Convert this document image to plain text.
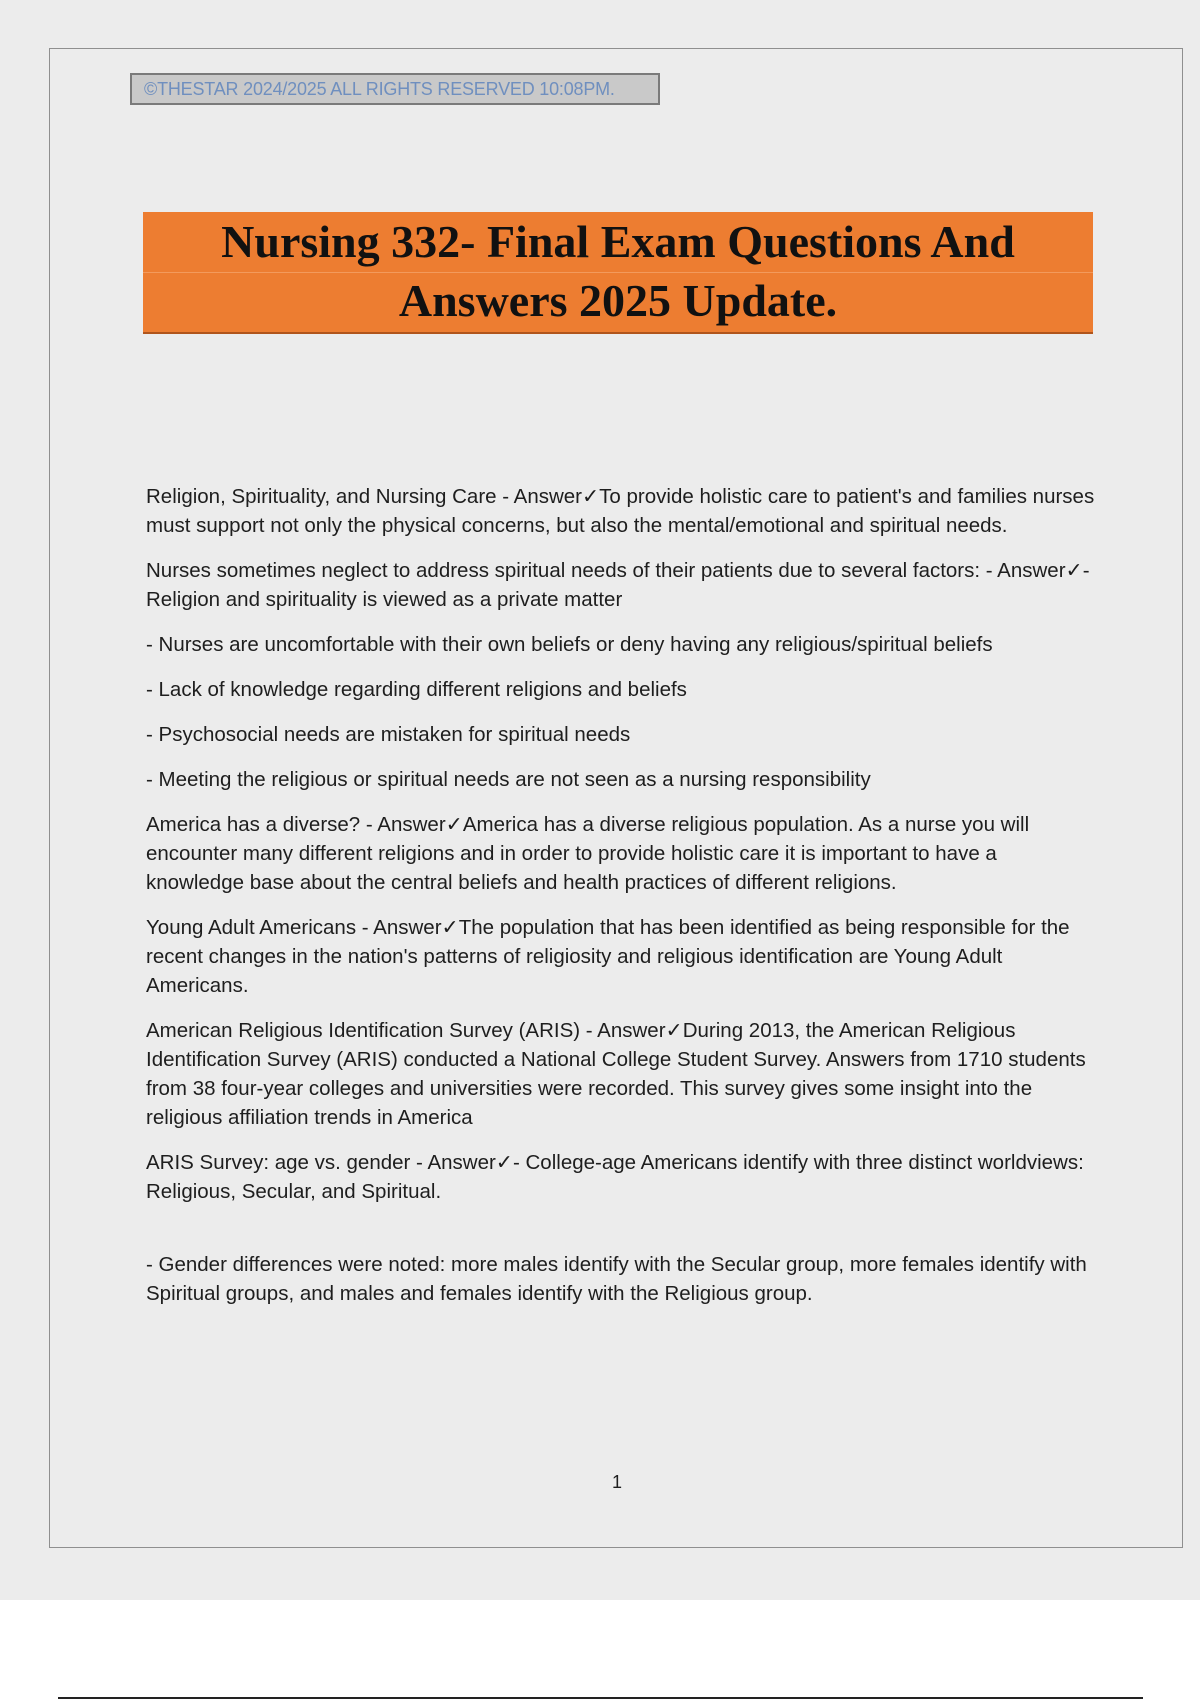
©THESTAR 2024/2025 ALL RIGHTS RESERVED 10:08PM.
Nursing 332- Final Exam Questions And
Answers 2025 Update.

Religion, Spirituality, and Nursing Care - Answer✓To provide holistic care to patient's and families nurses must support not only the physical concerns, but also the mental/emotional and spiritual needs.

Nurses sometimes neglect to address spiritual needs of their patients due to several factors: - Answer✓- Religion and spirituality is viewed as a private matter

- Nurses are uncomfortable with their own beliefs or deny having any religious/spiritual beliefs

- Lack of knowledge regarding different religions and beliefs

- Psychosocial needs are mistaken for spiritual needs

- Meeting the religious or spiritual needs are not seen as a nursing responsibility

America has a diverse? - Answer✓America has a diverse religious population. As a nurse you will encounter many different religions and in order to provide holistic care it is important to have a knowledge base about the central beliefs and health practices of different religions.

Young Adult Americans - Answer✓The population that has been identified as being responsible for the recent changes in the nation's patterns of religiosity and religious identification are Young Adult Americans.

American Religious Identification Survey (ARIS) - Answer✓During 2013, the American Religious Identification Survey (ARIS) conducted a National College Student Survey. Answers from 1710 students from 38 four-year colleges and universities were recorded. This survey gives some insight into the religious affiliation trends in America

ARIS Survey: age vs. gender - Answer✓- College-age Americans identify with three distinct worldviews: Religious, Secular, and Spiritual.

- Gender differences were noted: more males identify with the Secular group, more females identify with Spiritual groups, and males and females identify with the Religious group.

1
